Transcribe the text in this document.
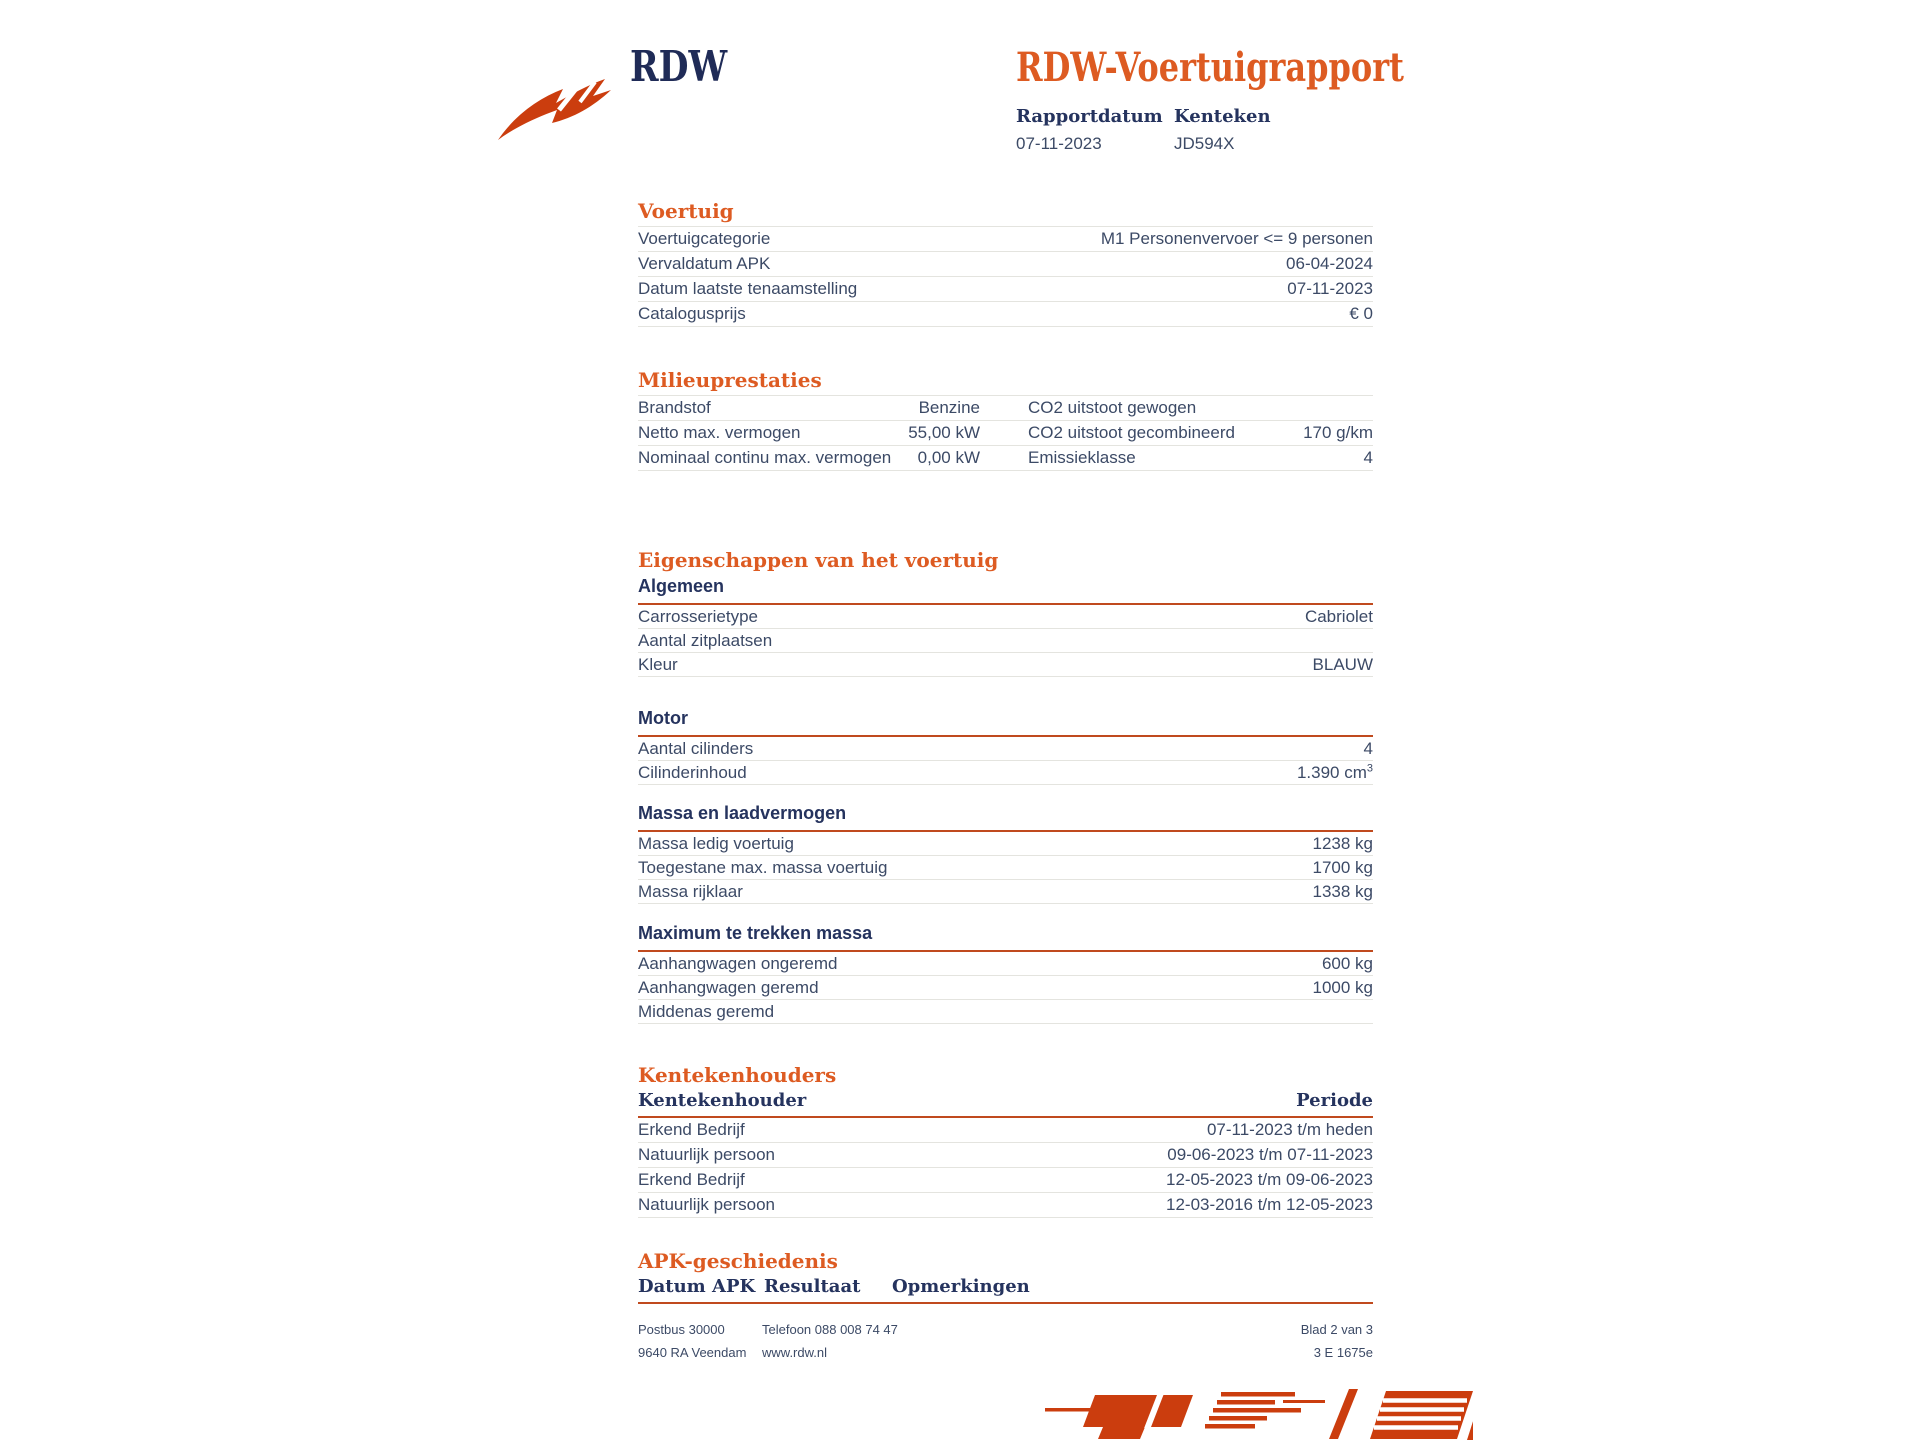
RDW	RDW-Voertuigrapport
Rapportdatum
07-11-2023
Kenteken
JD594X
Voertuig
Voertuigcategorie	M1 Personenvervoer <= 9 personen
Vervaldatum APK	06-04-2024
Datum laatste tenaamstelling	07-11-2023
Catalogusprijs	€ 0
Milieuprestaties
Brandstof	Benzine	CO2 uitstoot gewogen
Netto max. vermogen	55,00 kW	CO2 uitstoot gecombineerd	170 g/km
Nominaal continu max. vermogen 0,00 kW	Emissieklasse	4
Eigenschappen van het voertuig
Algemeen
Carrosserietype	Cabriolet
Aantal zitplaatsen
Kleur	BLAUW
Motor
Aantal cilinders	4
Cilinderinhoud	1.390 $cm^3$
Massa en laadvermogen
Massa ledig voertuig	1238 kg
Toegestane max. massa voertuig	1700 kg
Massa rijklaar	1338 kg
Maximum te trekken massa
Aanhangwagen ongeremd	600 kg
Aanhangwagen geremd	1000 kg
Middenas geremd
Kentekenhouders
Kentekenhouder	Periode
Erkend Bedrijf	07-11-2023 t/m heden
Natuurlijk persoon	09-06-2023 t/m 07-11-2023
Erkend Bedrijf	12-05-2023 t/m 09-06-2023
Natuurlijk persoon	12-03-2016 t/m 12-05-2023
APK-geschiedenis
Datum APK Resultaat	Opmerkingen
Postbus 30000	Telefoon 088 008 74 47	Blad 2 van 3
9640 RA Veendam	www.rdw.nl	3 E 1675e
